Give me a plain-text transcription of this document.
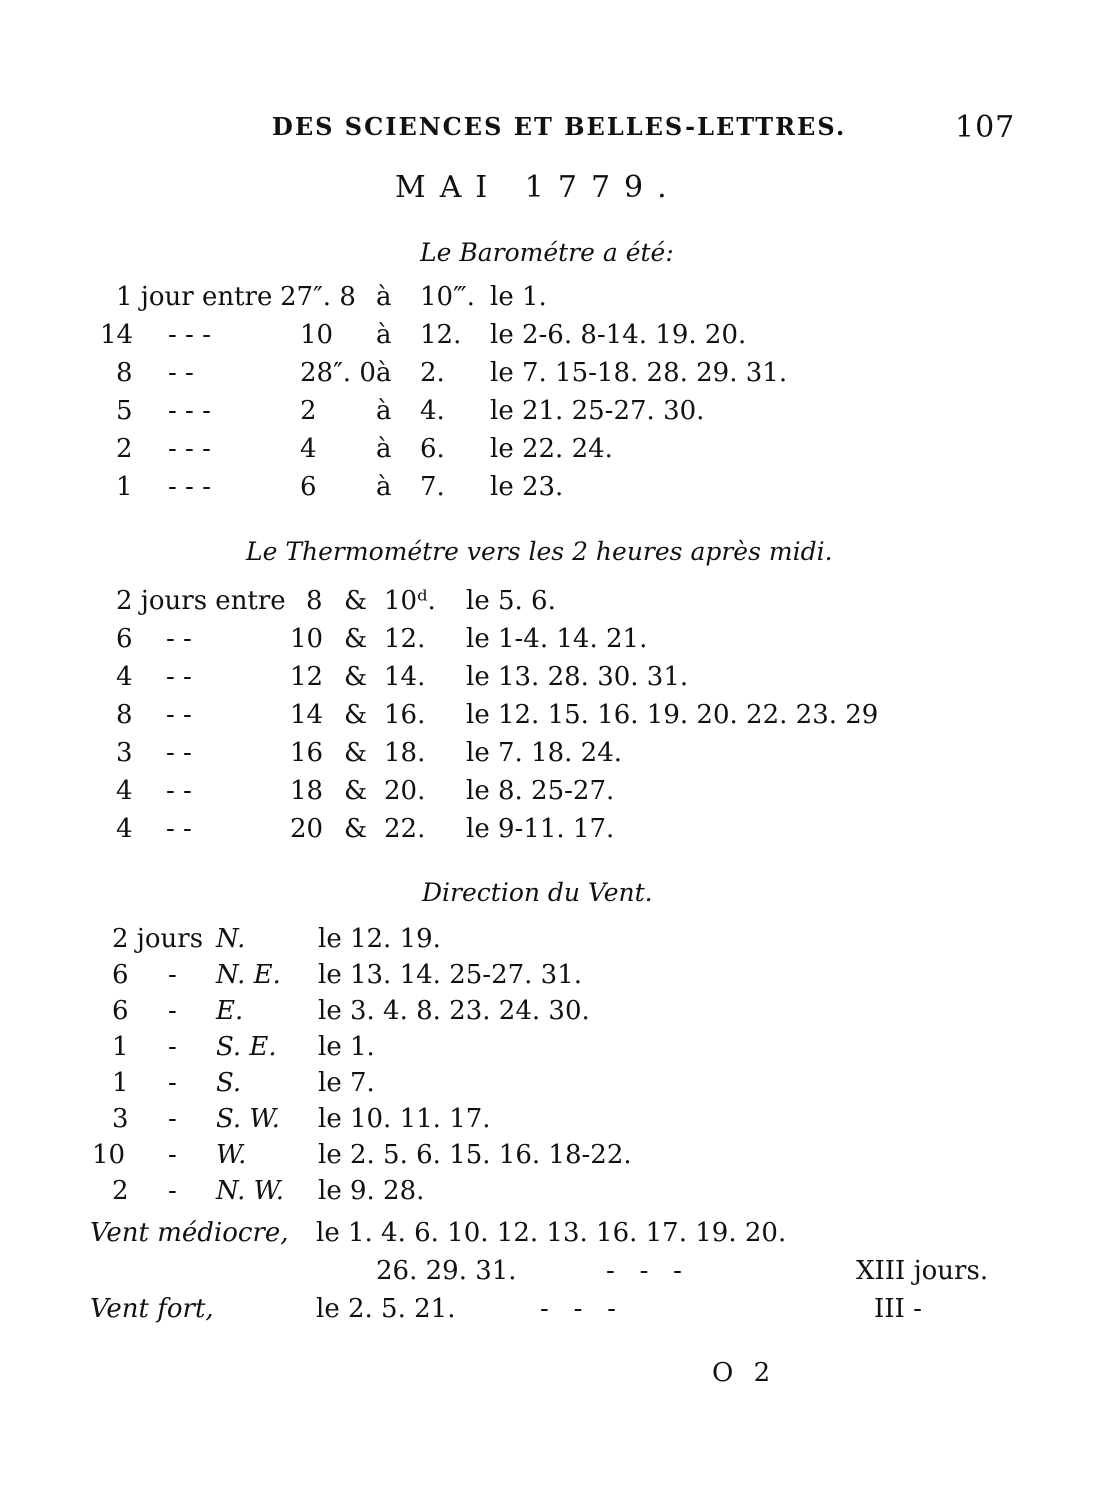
DES SCIENCES ET BELLES-LETTRES.	107
MAI 1779.
Le Barométre a été:
1 jour entre 27″. 8 à 10‴. le 1.
14 - - -	10 à 12. le 2-6. 8-14. 19. 20.
8 - -	28″. 0 à 2. le 7. 15-18. 28. 29. 31.
5 - - -	2 à 4. le 21. 25-27. 30.
2 - - -	4 à 6. le 22. 24.
1 - - -	6 à 7. le 23.
Le Thermométre vers les 2 heures après midi.
2 jours entre 8 & 10ᵈ. le 5. 6.
6 - -	10 & 12. le 1-4. 14. 21.
4 - -	12 & 14. le 13. 28. 30. 31.
8 - -	14 & 16. le 12. 15. 16. 19. 20. 22. 23. 29
3 - -	16 & 18. le 7. 18. 24.
4 - -	18 & 20. le 8. 25-27.
4 - -	20 & 22. le 9-11. 17.
Direction du Vent.
2 jours N.	le 12. 19.
6 - N. E. le 13. 14. 25-27. 31.
6 - E.	le 3. 4. 8. 23. 24. 30.
1 - S. E. le 1.
1 - S.	le 7.
3 - S. W. le 10. 11. 17.
10 - W.	le 2. 5. 6. 15. 16. 18-22.
2 - N. W. le 9. 28.
Vent médiocre, le 1. 4. 6. 10. 12. 13. 16. 17. 19. 20.
26. 29. 31.	-   -   -	XIII jours.
Vent fort,	le 2. 5. 21.	-   -   -	III -
O 2
